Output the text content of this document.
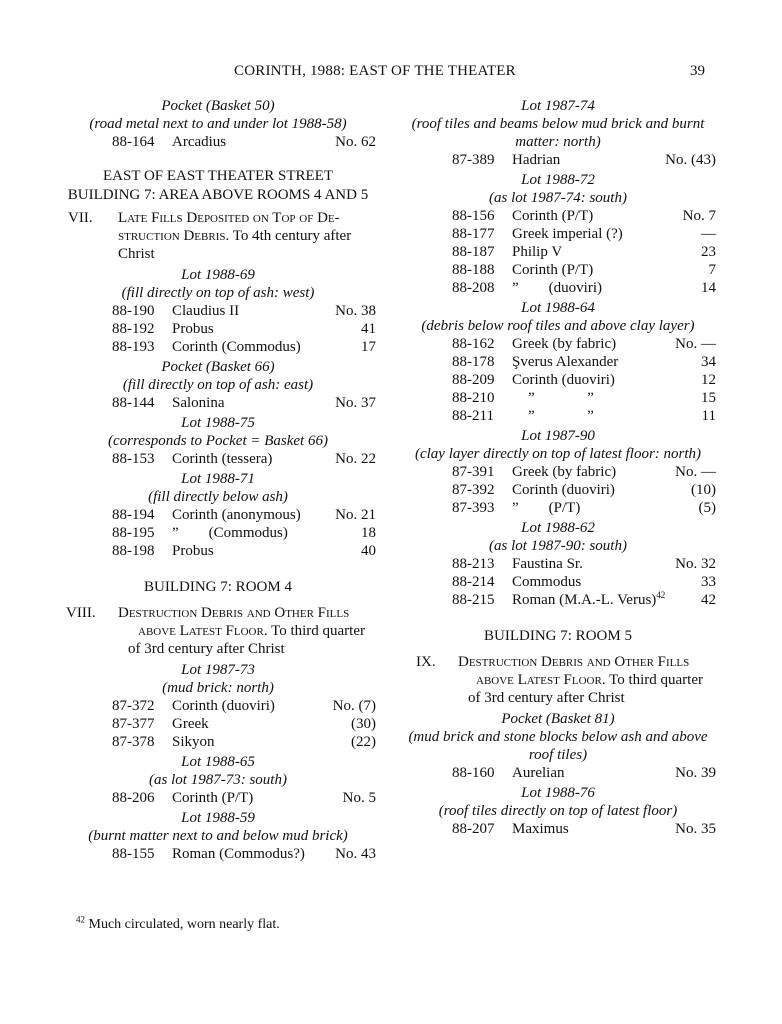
CORINTH, 1988: EAST OF THE THEATER	39
Pocket (Basket 50)
(road metal next to and under lot 1988-58)
88-164 Arcadius	No. 62
EAST OF EAST THEATER STREET
BUILDING 7: AREA ABOVE ROOMS 4 AND 5
VII. Late Fills Deposited on Top of De-
struction Debris. To 4th century after
Christ
Lot 1988-69
(fill directly on top of ash: west)
88-190 Claudius II	No. 38
88-192 Probus	41
88-193 Corinth (Commodus)	17
Pocket (Basket 66)
(fill directly on top of ash: east)
88-144 Salonina	No. 37
Lot 1988-75
(corresponds to Pocket = Basket 66)
88-153 Corinth (tessera)	No. 22
Lot 1988-71
(fill directly below ash)
88-194 Corinth (anonymous) No. 21
88-195 ”        (Commodus)	18
88-198 Probus	40
BUILDING 7: ROOM 4
VIII. Destruction Debris and Other Fills
above Latest Floor. To third quarter
of 3rd century after Christ
Lot 1987-73
(mud brick: north)
87-372 Corinth (duoviri)	No. (7)
87-377 Greek	(30)
87-378 Sikyon	(22)
Lot 1988-65
(as lot 1987-73: south)
88-206 Corinth (P/T)	No. 5
Lot 1988-59
(burnt matter next to and below mud brick)
88-155 Roman (Commodus?) No. 43
Lot 1987-74
(roof tiles and beams below mud brick and burnt
matter: north)
87-389 Hadrian	No. (43)
Lot 1988-72
(as lot 1987-74: south)
88-156 Corinth (P/T)	No. 7
88-177 Greek imperial (?)	—
88-187 Philip V	23
88-188 Corinth (P/T)	7
88-208 ”        (duoviri)	14
Lot 1988-64
(debris below roof tiles and above clay layer)
88-162 Greek (by fabric)	No. —
88-178 Şverus Alexander	34
88-209 Corinth (duoviri)	12
88-210 ”              ”	15
88-211 ”              ”	11
Lot 1987-90
(clay layer directly on top of latest floor: north)
87-391 Greek (by fabric)	No. —
87-392 Corinth (duoviri)	(10)
87-393 ”        (P/T)	(5)
Lot 1988-62
(as lot 1987-90: south)
88-213 Faustina Sr.	No. 32
88-214 Commodus	33
88-215 Roman (M.A.-L. Verus)$^{42}$ 42
BUILDING 7: ROOM 5
IX. Destruction Debris and Other Fills
above Latest Floor. To third quarter
of 3rd century after Christ
Pocket (Basket 81)
(mud brick and stone blocks below ash and above
roof tiles)
88-160 Aurelian	No. 39
Lot 1988-76
(roof tiles directly on top of latest floor)
88-207 Maximus	No. 35
$^{42}$ Much circulated, worn nearly flat.
